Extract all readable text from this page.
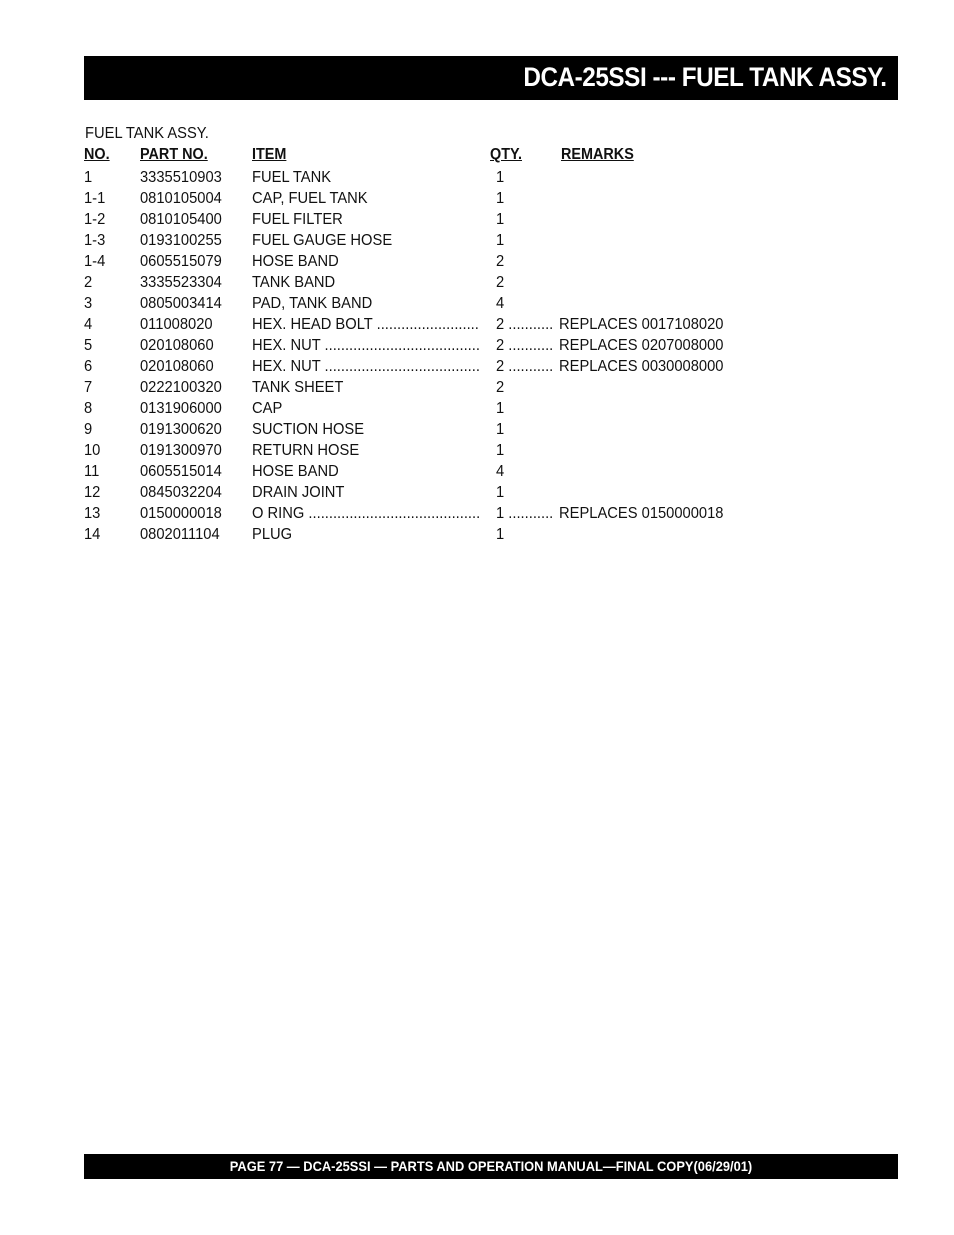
DCA-25SSI --- FUEL TANK ASSY.
FUEL TANK ASSY.
NO. PART NO.	ITEM	QTY. REMARKS
1	3335510903 FUEL TANK	1
1-1 0810105004 CAP, FUEL TANK	1
1-2 0810105400 FUEL FILTER	1
1-3 0193100255 FUEL GAUGE HOSE	1
1-4 0605515079 HOSE BAND	2
2	3335523304 TANK BAND	2
3	0805003414 PAD, TANK BAND	4
4	011008020 HEX. HEAD BOLT ......................... 2 ........... REPLACES 0017108020
5	020108060 HEX. NUT ...................................... 2 ........... REPLACES 0207008000
6	020108060 HEX. NUT ...................................... 2 ........... REPLACES 0030008000
7	0222100320 TANK SHEET	2
8	0131906000 CAP	1
9	0191300620 SUCTION HOSE	1
10 0191300970 RETURN HOSE	1
11	0605515014 HOSE BAND	4
12 0845032204 DRAIN JOINT	1
13 0150000018 O RING .......................................... 1 ........... REPLACES 0150000018
14 0802011104 PLUG	1
PAGE 77 — DCA-25SSI — PARTS AND OPERATION MANUAL—FINAL COPY(06/29/01)
